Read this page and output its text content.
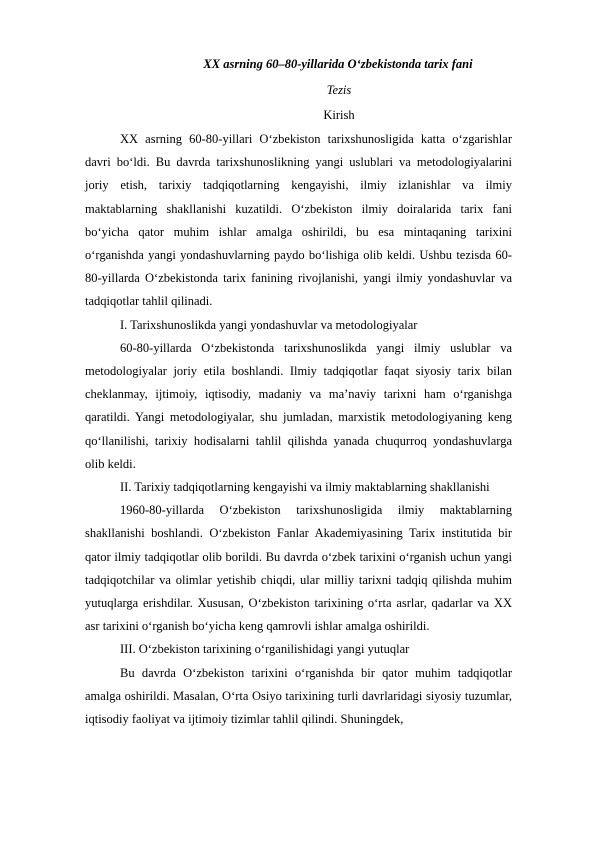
XX asrning 60–80-yillarida O‘zbekistonda tarix fani
Tezis
Kirish

XX asrning 60-80-yillari O‘zbekiston tarixshunosligida katta o‘zgarishlar davri bo‘ldi. Bu davrda tarixshunoslikning yangi uslublari va metodologiyalarini joriy etish, tarixiy tadqiqotlarning kengayishi, ilmiy izlanishlar va ilmiy maktablarning shakllanishi kuzatildi. O‘zbekiston ilmiy doiralarida tarix fani bo‘yicha qator muhim ishlar amalga oshirildi, bu esa mintaqaning tarixini o‘rganishda yangi yondashuvlarning paydo bo‘lishiga olib keldi. Ushbu tezisda 60-80-yillarda O‘zbekistonda tarix fanining rivojlanishi, yangi ilmiy yondashuvlar va tadqiqotlar tahlil qilinadi.

I. Tarixshunoslikda yangi yondashuvlar va metodologiyalar

60-80-yillarda O‘zbekistonda tarixshunoslikda yangi ilmiy uslublar va metodologiyalar joriy etila boshlandi. Ilmiy tadqiqotlar faqat siyosiy tarix bilan cheklanmay, ijtimoiy, iqtisodiy, madaniy va ma’naviy tarixni ham o‘rganishga qaratildi. Yangi metodologiyalar, shu jumladan, marxistik metodologiyaning keng qo‘llanilishi, tarixiy hodisalarni tahlil qilishda yanada chuqurroq yondashuvlarga olib keldi.

II. Tarixiy tadqiqotlarning kengayishi va ilmiy maktablarning shakllanishi

1960-80-yillarda O‘zbekiston tarixshunosligida ilmiy maktablarning shakllanishi boshlandi. O‘zbekiston Fanlar Akademiyasining Tarix institutida bir qator ilmiy tadqiqotlar olib borildi. Bu davrda o‘zbek tarixini o‘rganish uchun yangi tadqiqotchilar va olimlar yetishib chiqdi, ular milliy tarixni tadqiq qilishda muhim yutuqlarga erishdilar. Xususan, O‘zbekiston tarixining o‘rta asrlar, qadarlar va XX asr tarixini o‘rganish bo‘yicha keng qamrovli ishlar amalga oshirildi.

III. O‘zbekiston tarixining o‘rganilishidagi yangi yutuqlar

Bu davrda O‘zbekiston tarixini o‘rganishda bir qator muhim tadqiqotlar amalga oshirildi. Masalan, O‘rta Osiyo tarixining turli davrlaridagi siyosiy tuzumlar, iqtisodiy faoliyat va ijtimoiy tizimlar tahlil qilindi. Shuningdek,
